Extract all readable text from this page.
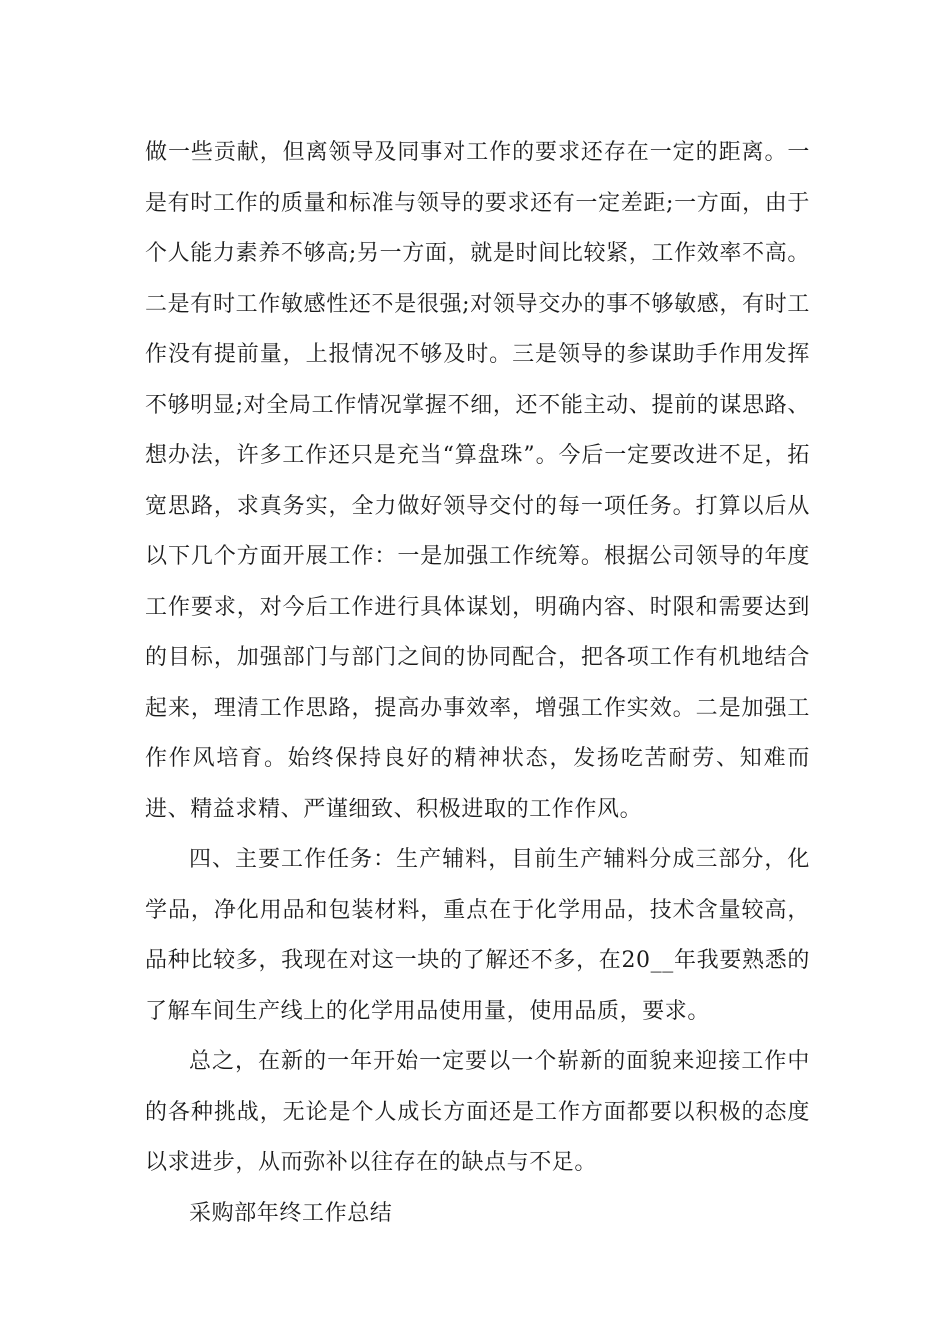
做一些贡献，但离领导及同事对工作的要求还存在一定的距离。一是有时工作的质量和标准与领导的要求还有一定差距;一方面，由于个人能力素养不够高;另一方面，就是时间比较紧，工作效率不高。二是有时工作敏感性还不是很强;对领导交办的事不够敏感，有时工作没有提前量，上报情况不够及时。三是领导的参谋助手作用发挥不够明显;对全局工作情况掌握不细，还不能主动、提前的谋思路、想办法，许多工作还只是充当“算盘珠”。今后一定要改进不足，拓宽思路，求真务实，全力做好领导交付的每一项任务。打算以后从以下几个方面开展工作：一是加强工作统筹。根据公司领导的年度工作要求，对今后工作进行具体谋划，明确内容、时限和需要达到的目标，加强部门与部门之间的协同配合，把各项工作有机地结合起来，理清工作思路，提高办事效率，增强工作实效。二是加强工作作风培育。始终保持良好的精神状态，发扬吃苦耐劳、知难而进、精益求精、严谨细致、积极进取的工作作风。

四、主要工作任务：生产辅料，目前生产辅料分成三部分，化学品，净化用品和包装材料，重点在于化学用品，技术含量较高，品种比较多，我现在对这一块的了解还不多，在20__年我要熟悉的了解车间生产线上的化学用品使用量，使用品质，要求。

总之，在新的一年开始一定要以一个崭新的面貌来迎接工作中的各种挑战，无论是个人成长方面还是工作方面都要以积极的态度以求进步，从而弥补以往存在的缺点与不足。

采购部年终工作总结
